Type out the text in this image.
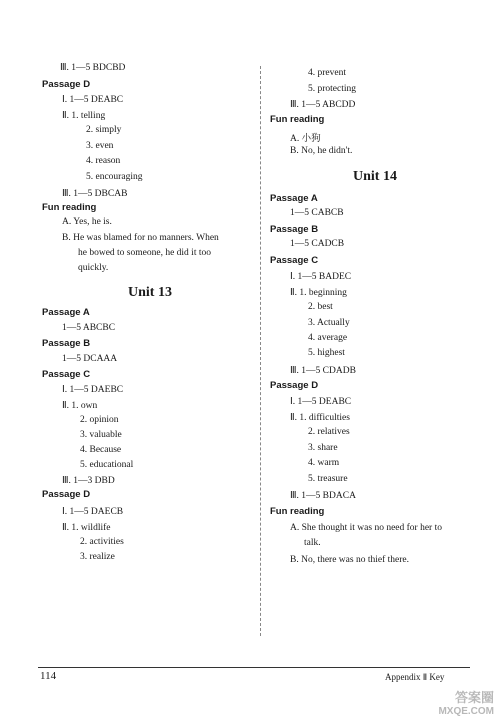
Ⅲ. 1—5 BDCBD
Passage D
Ⅰ. 1—5 DEABC
Ⅱ. 1. telling
2. simply
3. even
4. reason
5. encouraging
Ⅲ. 1—5 DBCAB
Fun reading
A. Yes, he is.
B. He was blamed for no manners. When
he bowed to someone, he did it too
quickly.
Unit 13
Passage A
1—5 ABCBC
Passage B
1—5 DCAAA
Passage C
Ⅰ. 1—5 DAEBC
Ⅱ. 1. own
2. opinion
3. valuable
4. Because
5. educational
Ⅲ. 1—3 DBD
Passage D
Ⅰ. 1—5 DAECB
Ⅱ. 1. wildlife
2. activities
3. realize
4. prevent
5. protecting
Ⅲ. 1—5 ABCDD
Fun reading
A. 小狗
B. No, he didn't.
Unit 14
Passage A
1—5 CABCB
Passage B
1—5 CADCB
Passage C
Ⅰ. 1—5 BADEC
Ⅱ. 1. beginning
2. best
3. Actually
4. average
5. highest
Ⅲ. 1—5 CDADB
Passage D
Ⅰ. 1—5 DEABC
Ⅱ. 1. difficulties
2. relatives
3. share
4. warm
5. treasure
Ⅲ. 1—5 BDACA
Fun reading
A. She thought it was no need for her to
talk.
B. No, there was no thief there.
114	Appendix Ⅱ Key
答案圈
MXQE.COM
